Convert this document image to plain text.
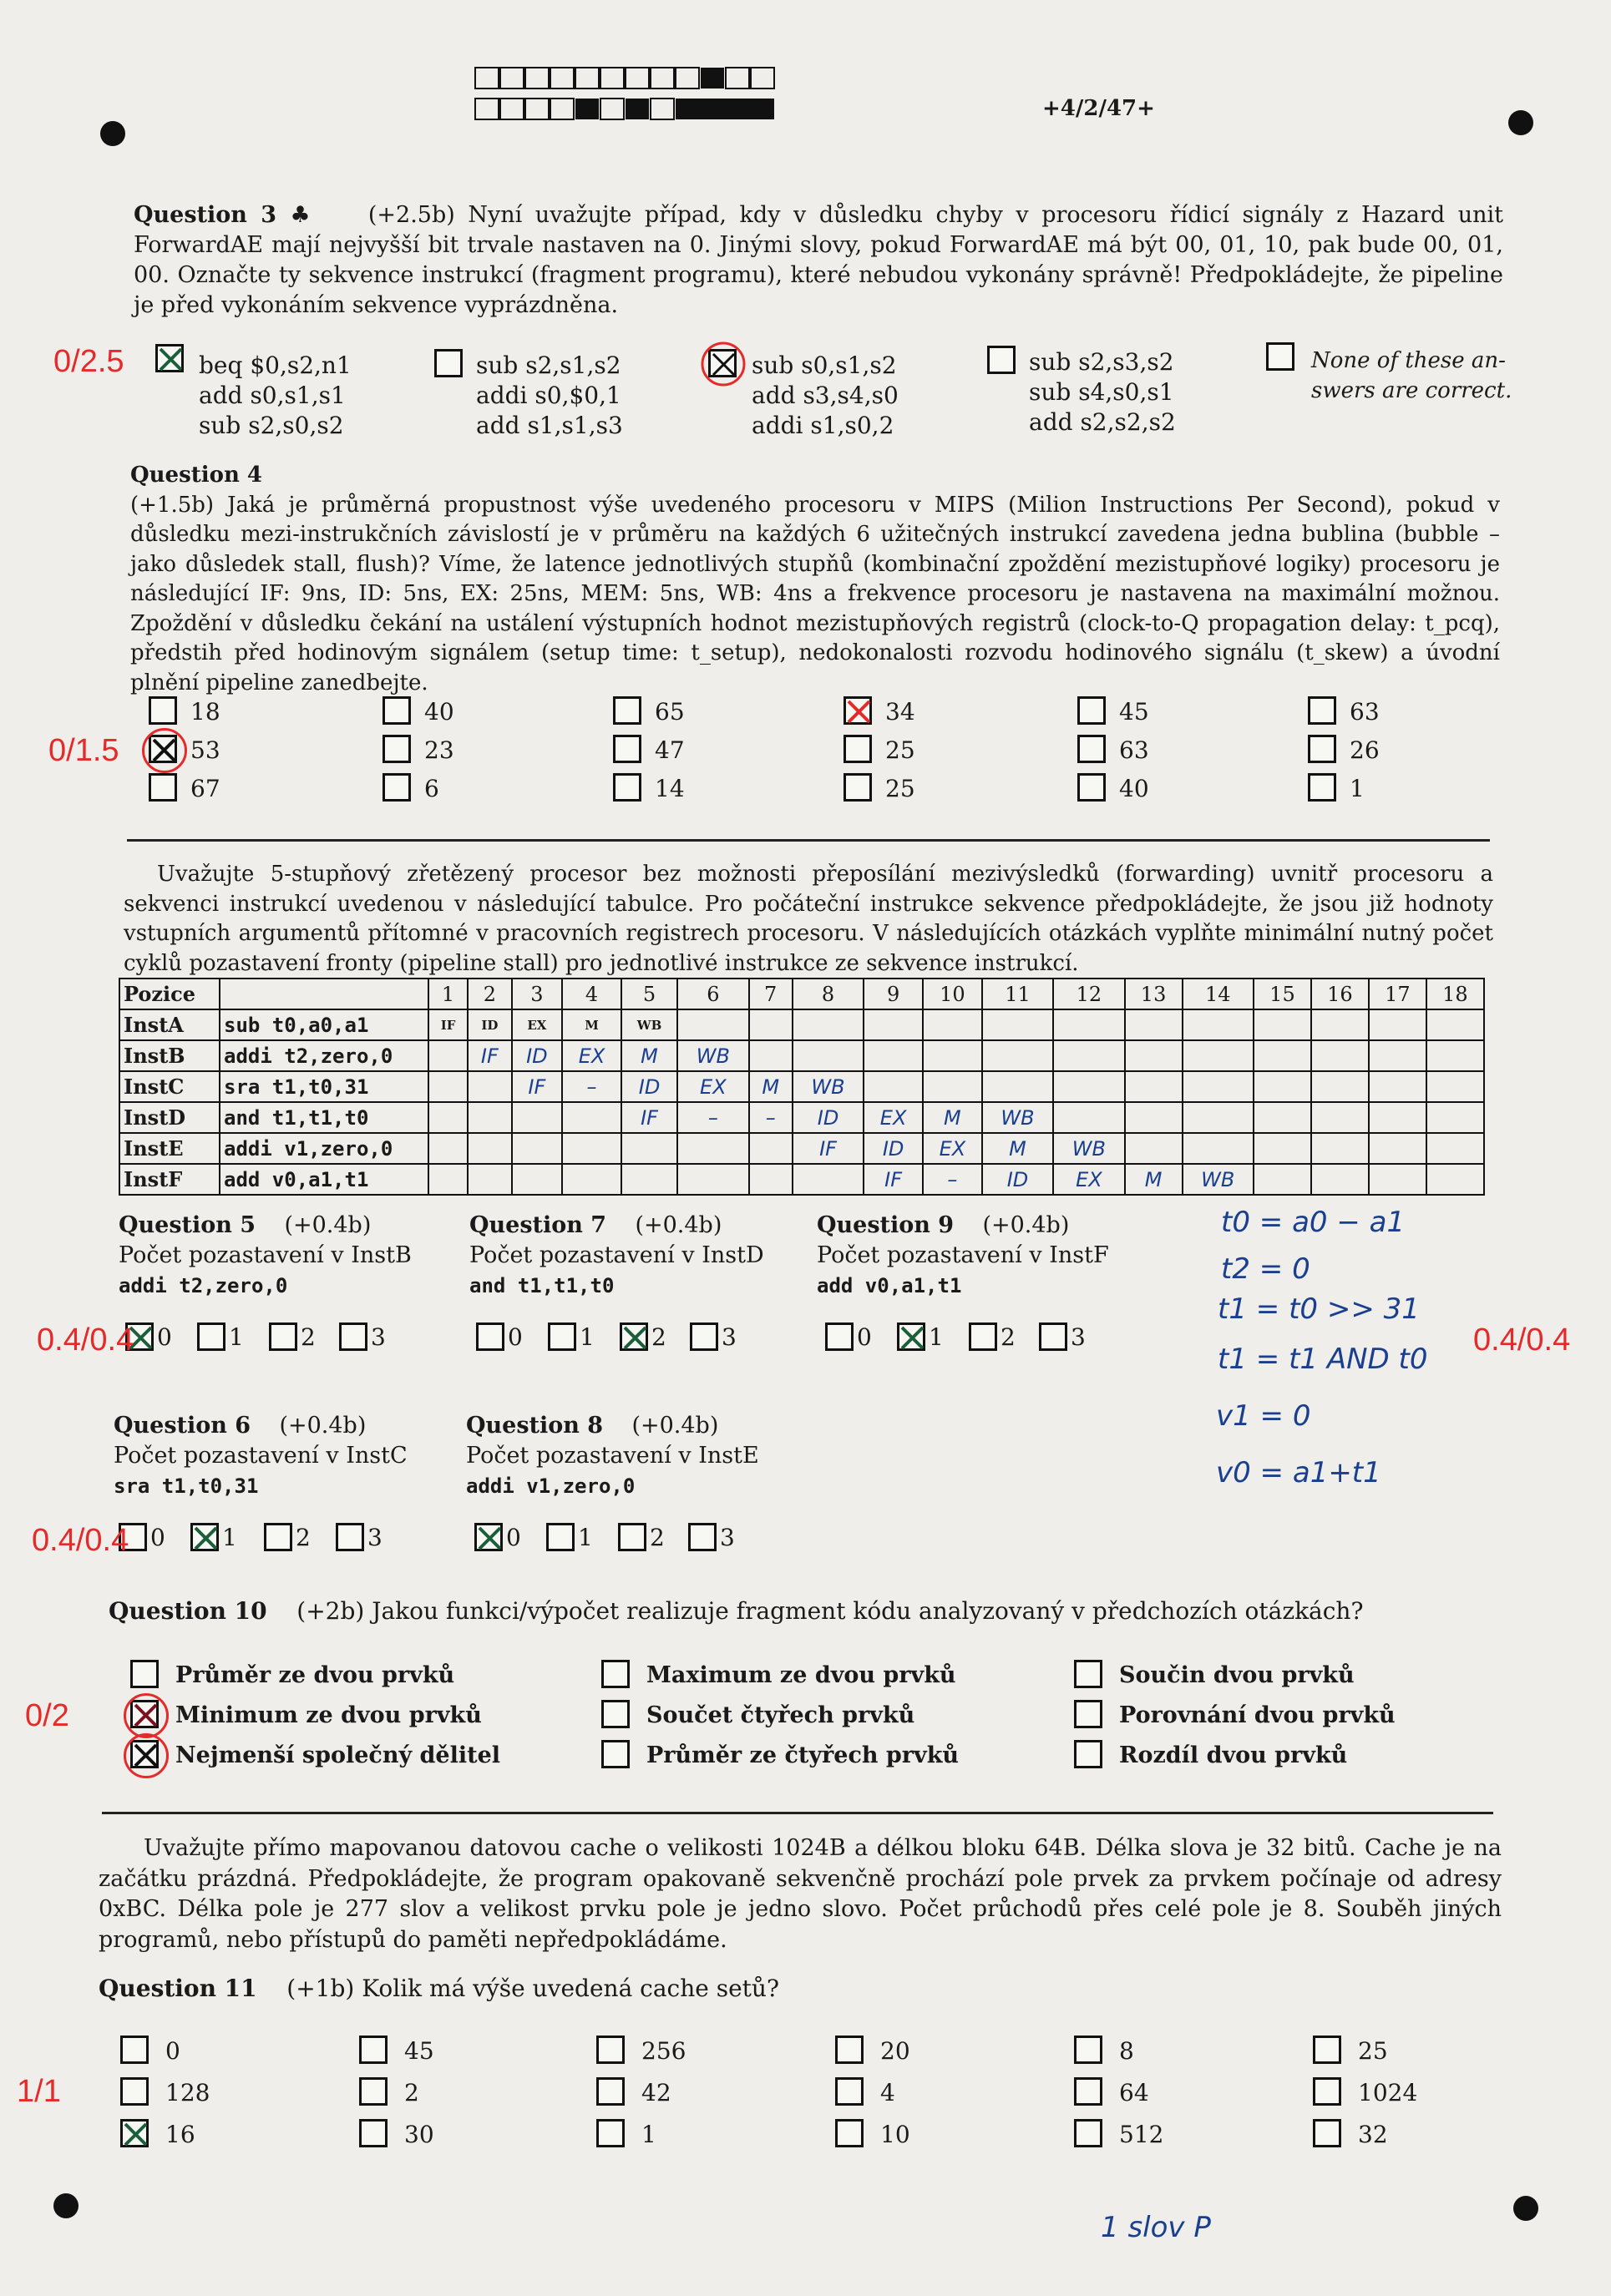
+4/2/47+
Question 3 ♣ (+2.5b) Nyní uvažujte případ, kdy v důsledku chyby v procesoru řídicí signály z Hazard unit ForwardAE mají nejvyšší bit trvale nastaven na 0. Jinými slovy, pokud ForwardAE má být 00, 01, 10, pak bude 00, 01, 00. Označte ty sekvence instrukcí (fragment programu), které nebudou vykonány správně! Předpokládejte, že pipeline je před vykonáním sekvence vyprázdněna.
0/2.5	beq $0,s2,n1
add s0,s1,s1
sub s2,s0,s2
sub s2,s1,s2
addi s0,$0,1
add s1,s1,s3
sub s0,s1,s2
add s3,s4,s0
addi s1,s0,2
sub s2,s3,s2
sub s4,s0,s1
add s2,s2,s2
None of these an-
swers are correct.
Question 4
(+1.5b) Jaká je průměrná propustnost výše uvedeného procesoru v MIPS (Milion Instructions Per Second), pokud v důsledku mezi-instrukčních závislostí je v průměru na každých 6 užitečných instrukcí zavedena jedna bublina (bubble – jako důsledek stall, flush)? Víme, že latence jednotlivých stupňů (kombinační zpoždění mezistupňové logiky) procesoru je následující IF: 9ns, ID: 5ns, EX: 25ns, MEM: 5ns, WB: 4ns a frekvence procesoru je nastavena na maximální možnou. Zpoždění v důsledku čekání na ustálení výstupních hodnot mezistupňových registrů (clock-to-Q propagation delay: t_pcq), předstih před hodinovým signálem (setup time: t_setup), nedokonalosti rozvodu hodinového signálu (t_skew) a úvodní plnění pipeline zanedbejte.
0/1.5
18
53
67
40
23
6
65
47
14
34
25
25
45
63
40
63
26
1
Uvažujte 5-stupňový zřetězený procesor bez možnosti přeposílání mezivýsledků (forwarding) uvnitř procesoru a sekvenci instrukcí uvedenou v následující tabulce. Pro počáteční instrukce sekvence předpokládejte, že jsou již hodnoty vstupních argumentů přítomné v pracovních registrech procesoru. V následujících otázkách vyplňte minimální nutný počet cyklů pozastavení fronty (pipeline stall) pro jednotlivé instrukce ze sekvence instrukcí.
Pozice		1	2	3	4	5	6	7	8	9	10	11	12	13	14	15	16	17	18
InstA	sub t0,a0,a1	IF	ID	EX	M	WB													
InstB	addi t2,zero,0		IF	ID	EX	M	WB												
InstC	sra t1,t0,31			IF	–	ID	EX	M	WB										
InstD	and t1,t1,t0					IF	–	–	ID	EX	M	WB							
InstE	addi v1,zero,0								IF	ID	EX	M	WB						
InstF	add v0,a1,t1									IF	–	ID	EX	M	WB				
Question 5 (+0.4b)
Počet pozastavení v InstB
addi t2,zero,0
0 1 2 3
Question 7 (+0.4b)
Počet pozastavení v InstD
and t1,t1,t0
0 1 2 3
Question 9 (+0.4b)
Počet pozastavení v InstF
add v0,a1,t1
0 1 2 3
Question 6 (+0.4b)
Počet pozastavení v InstC
sra t1,t0,31
0 1	2 3
Question 8 (+0.4b)
Počet pozastavení v InstE
addi v1,zero,0
0 1 2 3
0.4/0.4
0.4/0.4
0.4/0.4
t0 = a0 − a1
t2 = 0
t1 = t0 >> 31
t1 = t1 AND t0
v1 = 0
v0 = a1+t1
Question 10 (+2b) Jakou funkci/výpočet realizuje fragment kódu analyzovaný v předchozích otázkách?
0/2
Průměr ze dvou prvků
Minimum ze dvou prvků
Nejmenší společný dělitel
Maximum ze dvou prvků
Součet čtyřech prvků
Průměr ze čtyřech prvků
Součin dvou prvků
Porovnání dvou prvků
Rozdíl dvou prvků
Uvažujte přímo mapovanou datovou cache o velikosti 1024B a délkou bloku 64B. Délka slova je 32 bitů. Cache je na začátku prázdná. Předpokládejte, že program opakovaně sekvenčně prochází pole prvek za prvkem počínaje od adresy 0xBC. Délka pole je 277 slov a velikost prvku pole je jedno slovo. Počet průchodů přes celé pole je 8. Souběh jiných programů, nebo přístupů do paměti nepředpokládáme.
Question 11 (+1b) Kolik má výše uvedená cache setů?
1/1
0
128
16
45
2
30
256
42
1
20
4
10
8
64
512
25
1024
32
1 slov P
